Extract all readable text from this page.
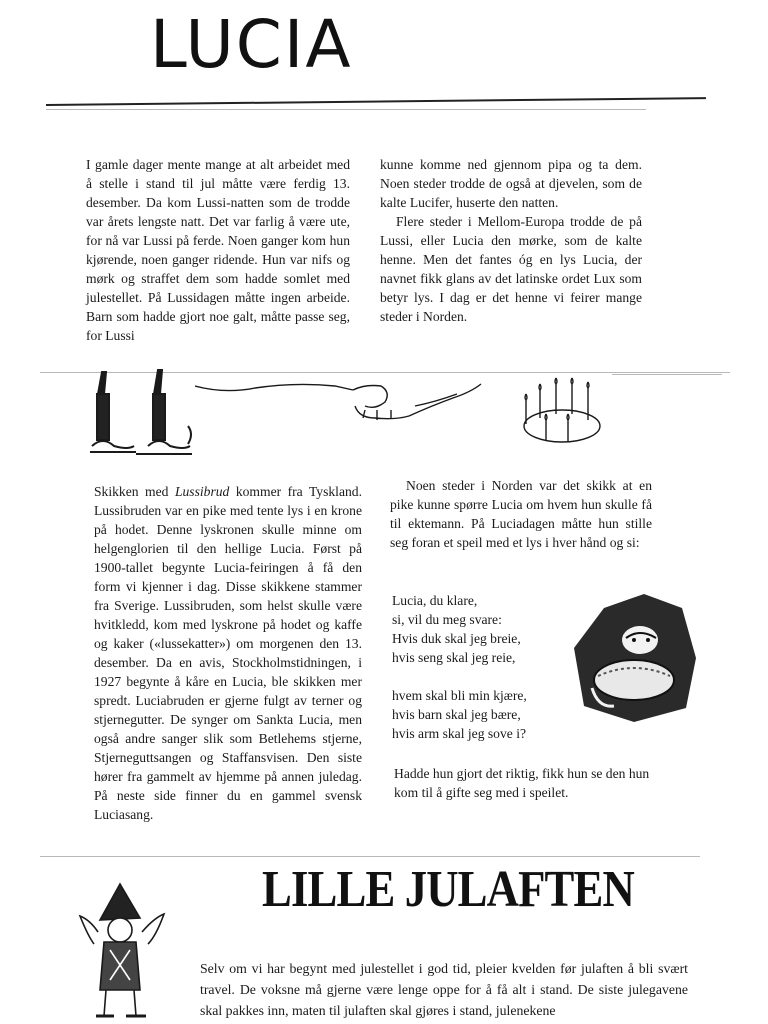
LUCIA

I gamle dager mente mange at alt arbeidet med å stelle i stand til jul måtte være ferdig 13. desember. Da kom Lussi-natten som de trodde var årets lengste natt. Det var farlig å være ute, for nå var Lussi på ferde. Noen ganger kom hun kjørende, noen ganger ridende. Hun var nifs og mørk og straffet dem som hadde somlet med julestellet. På Lussidagen måtte ingen arbeide. Barn som hadde gjort noe galt, måtte passe seg, for Lussi

kunne komme ned gjennom pipa og ta dem. Noen steder trodde de også at djevelen, som de kalte Lucifer, huserte den natten.

Flere steder i Mellom-Europa trodde de på Lussi, eller Lucia den mørke, som de kalte henne. Men det fantes óg en lys Lucia, der navnet fikk glans av det latinske ordet Lux som betyr lys. I dag er det henne vi feirer mange steder i Norden.

Skikken med Lussibrud kommer fra Tyskland. Lussibruden var en pike med tente lys i en krone på hodet. Denne lyskronen skulle minne om helgenglorien til den hellige Lucia. Først på 1900-tallet begynte Lucia-feiringen å få den form vi kjenner i dag. Disse skikkene stammer fra Sverige. Lussibruden, som helst skulle være hvitkledd, kom med lyskrone på hodet og kaffe og kaker («lussekatter») om morgenen den 13. desember. Da en avis, Stockholmstidningen, i 1927 begynte å kåre en Lucia, ble skikken mer spredt. Luciabruden er gjerne fulgt av terner og stjernegutter. De synger om Sankta Lucia, men også andre sanger slik som Betlehems stjerne, Stjerneguttsangen og Staffansvisen. Den siste hører fra gammelt av hjemme på annen juledag. På neste side finner du en gammel svensk Luciasang.

Noen steder i Norden var det skikk at en pike kunne spørre Lucia om hvem hun skulle få til ektemann. På Luciadagen måtte hun stille seg foran et speil med et lys i hver hånd og si:

Lucia, du klare,

si, vil du meg svare:

Hvis duk skal jeg breie,

hvis seng skal jeg reie,

hvem skal bli min kjære,

hvis barn skal jeg bære,

hvis arm skal jeg sove i?

Hadde hun gjort det riktig, fikk hun se den hun kom til å gifte seg med i speilet.

LILLE JULAFTEN

Selv om vi har begynt med julestellet i god tid, pleier kvelden før julaften å bli svært travel. De voksne må gjerne være lenge oppe for å få alt i stand. De siste julegavene skal pakkes inn, maten til julaften skal gjøres i stand, julenekene
